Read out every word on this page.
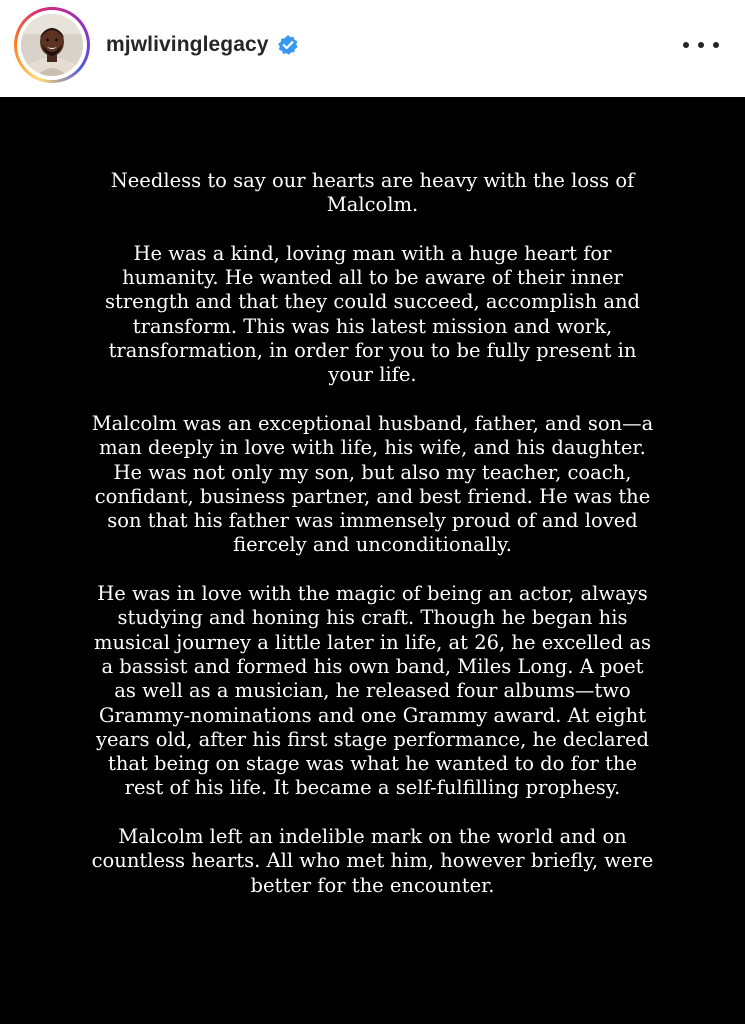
mjwlivinglegacy

Needless to say our hearts are heavy with the loss of Malcolm.

He was a kind, loving man with a huge heart for humanity. He wanted all to be aware of their inner strength and that they could succeed, accomplish and transform. This was his latest mission and work, transformation, in order for you to be fully present in your life.

Malcolm was an exceptional husband, father, and son—a man deeply in love with life, his wife, and his daughter. He was not only my son, but also my teacher, coach, confidant, business partner, and best friend. He was the son that his father was immensely proud of and loved fiercely and unconditionally.

He was in love with the magic of being an actor, always studying and honing his craft. Though he began his musical journey a little later in life, at 26, he excelled as a bassist and formed his own band, Miles Long. A poet as well as a musician, he released four albums—two Grammy-nominations and one Grammy award. At eight years old, after his first stage performance, he declared that being on stage was what he wanted to do for the rest of his life. It became a self-fulfilling prophesy.

Malcolm left an indelible mark on the world and on countless hearts. All who met him, however briefly, were better for the encounter.
